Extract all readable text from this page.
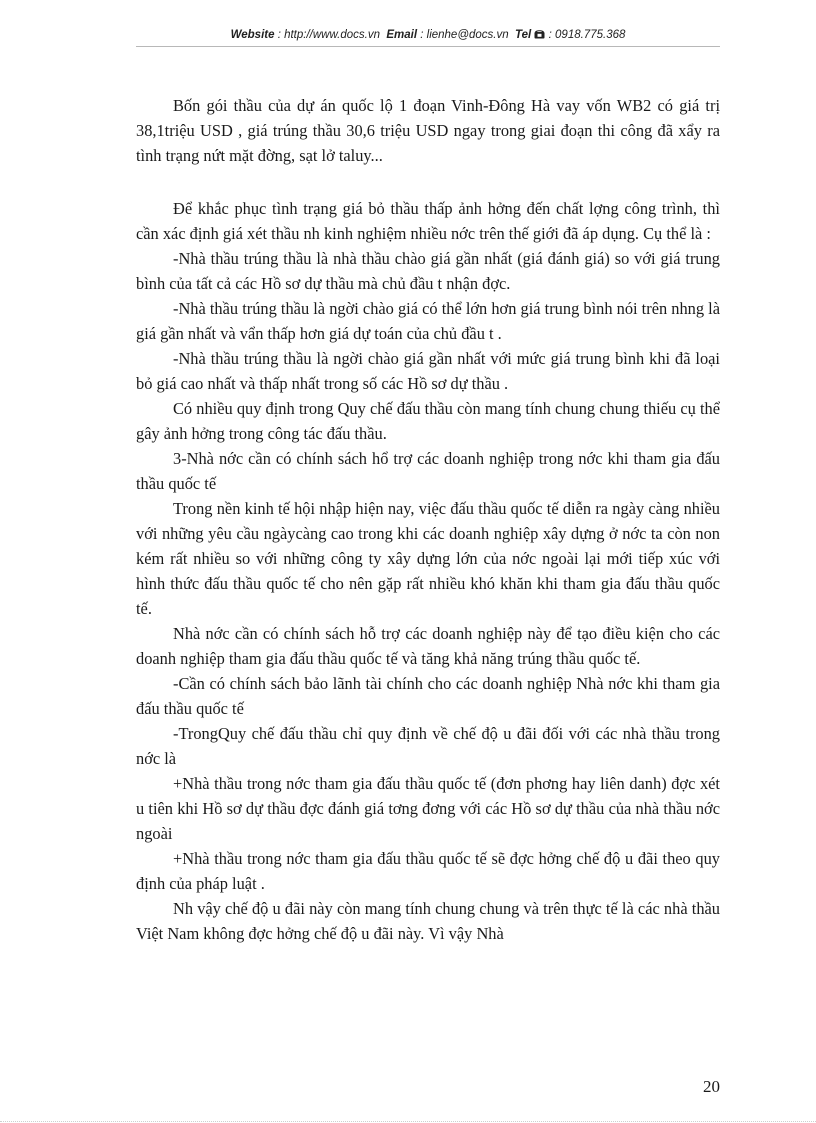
Website : http://www.docs.vn Email : lienhe@docs.vn Tel : 0918.775.368

Bốn gói thầu của dự án quốc lộ 1 đoạn Vinh-Đông Hà vay vốn WB2 có giá trị 38,1triệu USD , giá trúng thầu 30,6 triệu USD ngay trong giai đoạn thi công đã xẩy ra tình trạng nứt mặt đờng, sạt lở taluy...

Để khắc phục tình trạng giá bỏ thầu thấp ảnh hởng đến chất lợng công trình, thì cần xác định giá xét thầu nh kinh nghiệm nhiều nớc trên thế giới đã áp dụng. Cụ thể là :

-Nhà thầu trúng thầu là nhà thầu chào giá gần nhất (giá đánh giá) so với giá trung bình của tất cả các Hồ sơ dự thầu mà chủ đầu t nhận đợc.

-Nhà thầu trúng thầu là ngời chào giá có thể lớn hơn giá trung bình nói trên nhng là giá gần nhất và vẩn thấp hơn giá dự toán của chủ đầu t .

-Nhà thầu trúng thầu là ngời chào giá gần nhất với mức giá trung bình khi đã loại bỏ giá cao nhất và thấp nhất trong số các Hồ sơ dự thầu .

Có nhiều quy định trong Quy chế đấu thầu còn mang tính chung chung thiếu cụ thể gây ảnh hởng trong công tác đấu thầu.

3-Nhà nớc cần có chính sách hổ trợ các doanh nghiệp trong nớc khi tham gia đấu thầu quốc tế

Trong nền kinh tế hội nhập hiện nay, việc đấu thầu quốc tế diễn ra ngày càng nhiều với những yêu cầu ngàycàng cao trong khi các doanh nghiệp xây dựng ở nớc ta còn non kém rất nhiều so với những công ty xây dựng lớn của nớc ngoài lại mới tiếp xúc với hình thức đấu thầu quốc tế cho nên gặp rất nhiều khó khăn khi tham gia đấu thầu quốc tế.

Nhà nớc cần có chính sách hỗ trợ các doanh nghiệp này để tạo điều kiện cho các doanh nghiệp tham gia đấu thầu quốc tế và tăng khả năng trúng thầu quốc tế.

-Cần có chính sách bảo lãnh tài chính cho các doanh nghiệp Nhà nớc khi tham gia đấu thầu quốc tế

-TrongQuy chế đấu thầu chỉ quy định về chế độ u đãi đối với các nhà thầu trong nớc là

+Nhà thầu trong nớc tham gia đấu thầu quốc tế (đơn phơng hay liên danh) đợc xét u tiên khi Hồ sơ dự thầu đợc đánh giá tơng đơng với các Hồ sơ dự thầu của nhà thầu nớc ngoài

+Nhà thầu trong nớc tham gia đấu thầu quốc tế sẽ đợc hởng chế độ u đãi theo quy định của pháp luật .

Nh vậy chế độ u đãi này còn mang tính chung chung và trên thực tế là các nhà thầu Việt Nam không đợc hởng chế độ u đãi này. Vì vậy Nhà

20
